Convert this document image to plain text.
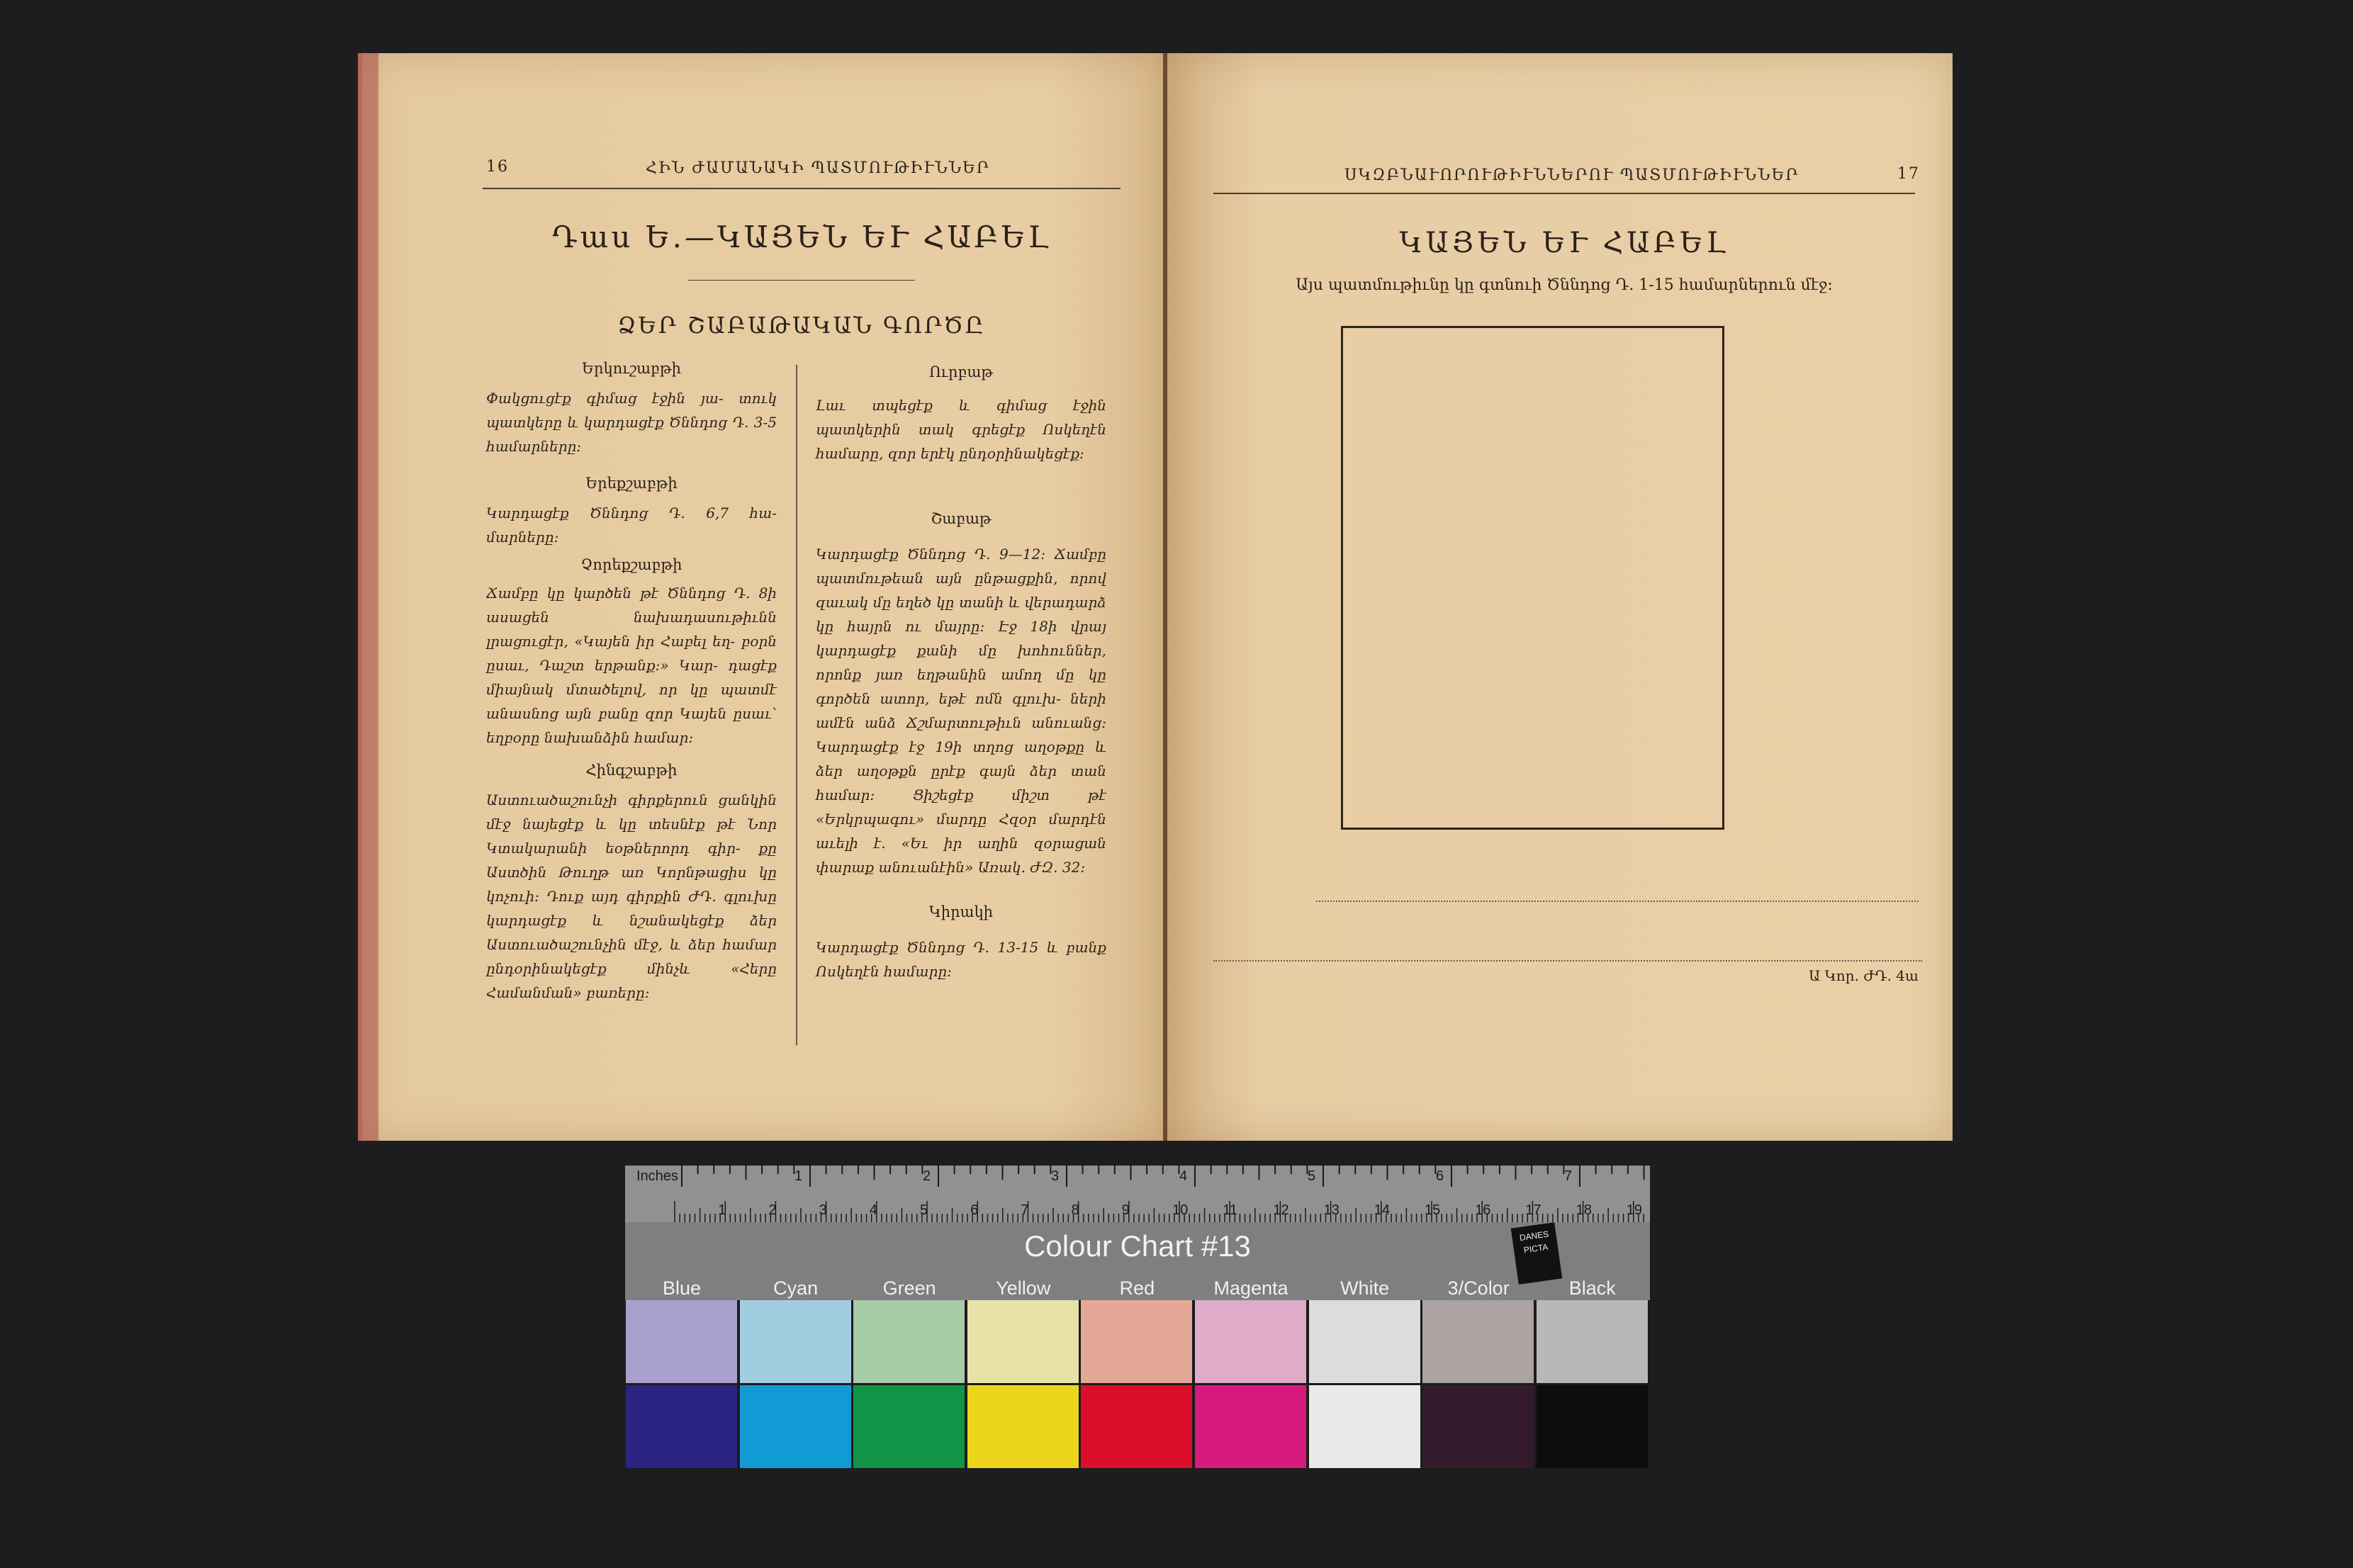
16	ՀԻՆ ԺԱՄԱՆԱԿԻ ՊԱՏՄՈՒԹԻՒՆՆԵՐ
Դաս Ե.—ԿԱՅԵՆ ԵՒ ՀԱԲԵԼ
ՁԵՐ ՇԱԲԱԹԱԿԱՆ ԳՈՐԾԸ
Երկուշաբթի
Փակցուցէք գիմաց էջին յա- տուկ պատկերը և կարդացէք Ծննդոց Դ. 3-5 համարները:
Երեքշաբթի
Կարդացէք Ծննդոց Դ. 6,7 հա- մարները:
Չորեքշաբթի
Ճամբը կը կարծեն թէ Ծննդոց Դ. 8ի ասացեն նախադասութիւնն լրացուցէր, «Կայեն իր Հաբել եղ- բօրն ըսաւ, Դաշտ երթանք:» Կար- դացէք միայնակ մտածելով, որ կը պատմէ անասնոց այն բանը զոր Կայեն ըսաւ՝ եղբօրը նախանձին համար:
Հինգշաբթի
Աստուածաշունչի գիրքերուն ցանկին մէջ նայեցէք և կը տեսնէք թէ Նոր Կտակարանի եօթներորդ գիր- քը Աստծին Թուղթ առ Կորնթացիս կը կոչուի: Դուք այդ գիրքին ԺԴ. գլուխը կարդացէք և նշանակեցէք ձեր Աստուածաշունչին մէջ, և ձեր համար ընդօրինակեցէք մինչև «Հերը Համանման» բառերը:
Ուրբաթ
Լաւ տպեցէք և գիմաց էջին պատկերին տակ գրեցէք Ոսկեղէն համարը, զոր երէկ ընդօրինակեցէք:
Շաբաթ
Կարդացէք Ծննդոց Դ. 9—12: Ճամբը պատմութեան այն ընթացքին, որով զաւակ մը եղեծ կը տանի և վերադարձ կը հայրն ու մայրը: Էջ 18ի վրայ կարդացէք քանի մը խոհուններ, որոնք յառ եղթանին ամող մը կը գործեն ատոր, եթէ ոմն գլուխ- ների ամէն անձ Ճշմարտութիւն անուանց: Կարդացէք էջ 19ի տղոց աղօթքը և ձեր աղօթքն ըրէք գայն ձեր տան համար: Ցիշեցէք միշտ թէ «Երկրպագու» մարդը Հզօր մարդէն աւելի է. «Եւ իր աղին զօրացան փարաք անուանէին» Առակ. ԺԶ. 32:
Կիրակի
Կարդացէք Ծննդոց Դ. 13-15 և բանք Ոսկեղէն համարը:
ՍԿԶԲՆԱՒՈՐՈՒԹԻՒՆՆԵՐՈՒ ՊԱՏՄՈՒԹԻՒՆՆԵՐ	17
ԿԱՅԵՆ ԵՒ ՀԱԲԵԼ
Այս պատմութիւնը կը գտնուի Ծննդոց Դ. 1-15 համարներուն մէջ:
Ա Կոր. ԺԴ. 4ա
Inches	1	2	3	4	5	6	7	8
1	2	3	4	5	6	7	8	9	10 11	12 13 14 15 16 17 18 19
Colour Chart #13	DANES PICTA
Blue	Cyan	Green	Yellow	Red	Magenta	White	3/Color	Black
